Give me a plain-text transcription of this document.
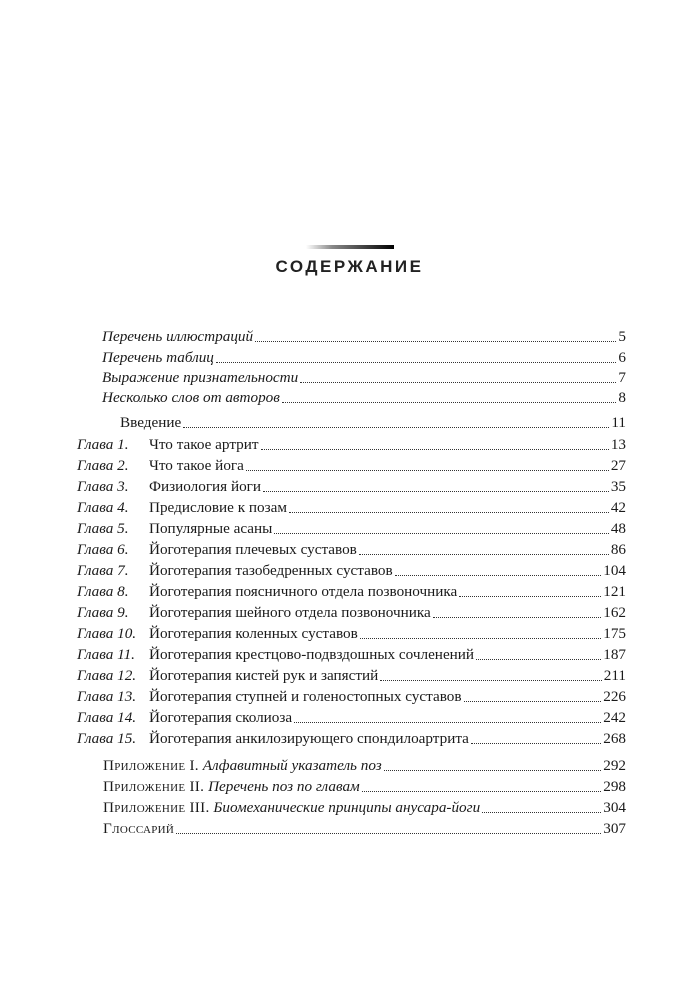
СОДЕРЖАНИЕ
Перечень иллюстраций	5
Перечень таблиц	6
Выражение признательности	7
Несколько слов от авторов	8
Введение	11
Глава 1. Что такое артрит	13
Глава 2. Что такое йога	27
Глава 3. Физиология йоги	35
Глава 4. Предисловие к позам	42
Глава 5. Популярные асаны	48
Глава 6. Йоготерапия плечевых суставов	86
Глава 7. Йоготерапия тазобедренных суставов	104
Глава 8. Йоготерапия поясничного отдела позвоночника	121
Глава 9. Йоготерапия шейного отдела позвоночника	162
Глава 10. Йоготерапия коленных суставов	175
Глава 11. Йоготерапия крестцово-подвздошных сочленений	187
Глава 12. Йоготерапия кистей рук и запястий	211
Глава 13. Йоготерапия ступней и голеностопных суставов	226
Глава 14. Йоготерапия сколиоза	242
Глава 15. Йоготерапия анкилозирующего спондилоартрита	268
Приложение I. Алфавитный указатель поз	292
Приложение II. Перечень поз по главам	298
Приложение III. Биомеханические принципы анусара-йоги	304
Глоссарий	307
